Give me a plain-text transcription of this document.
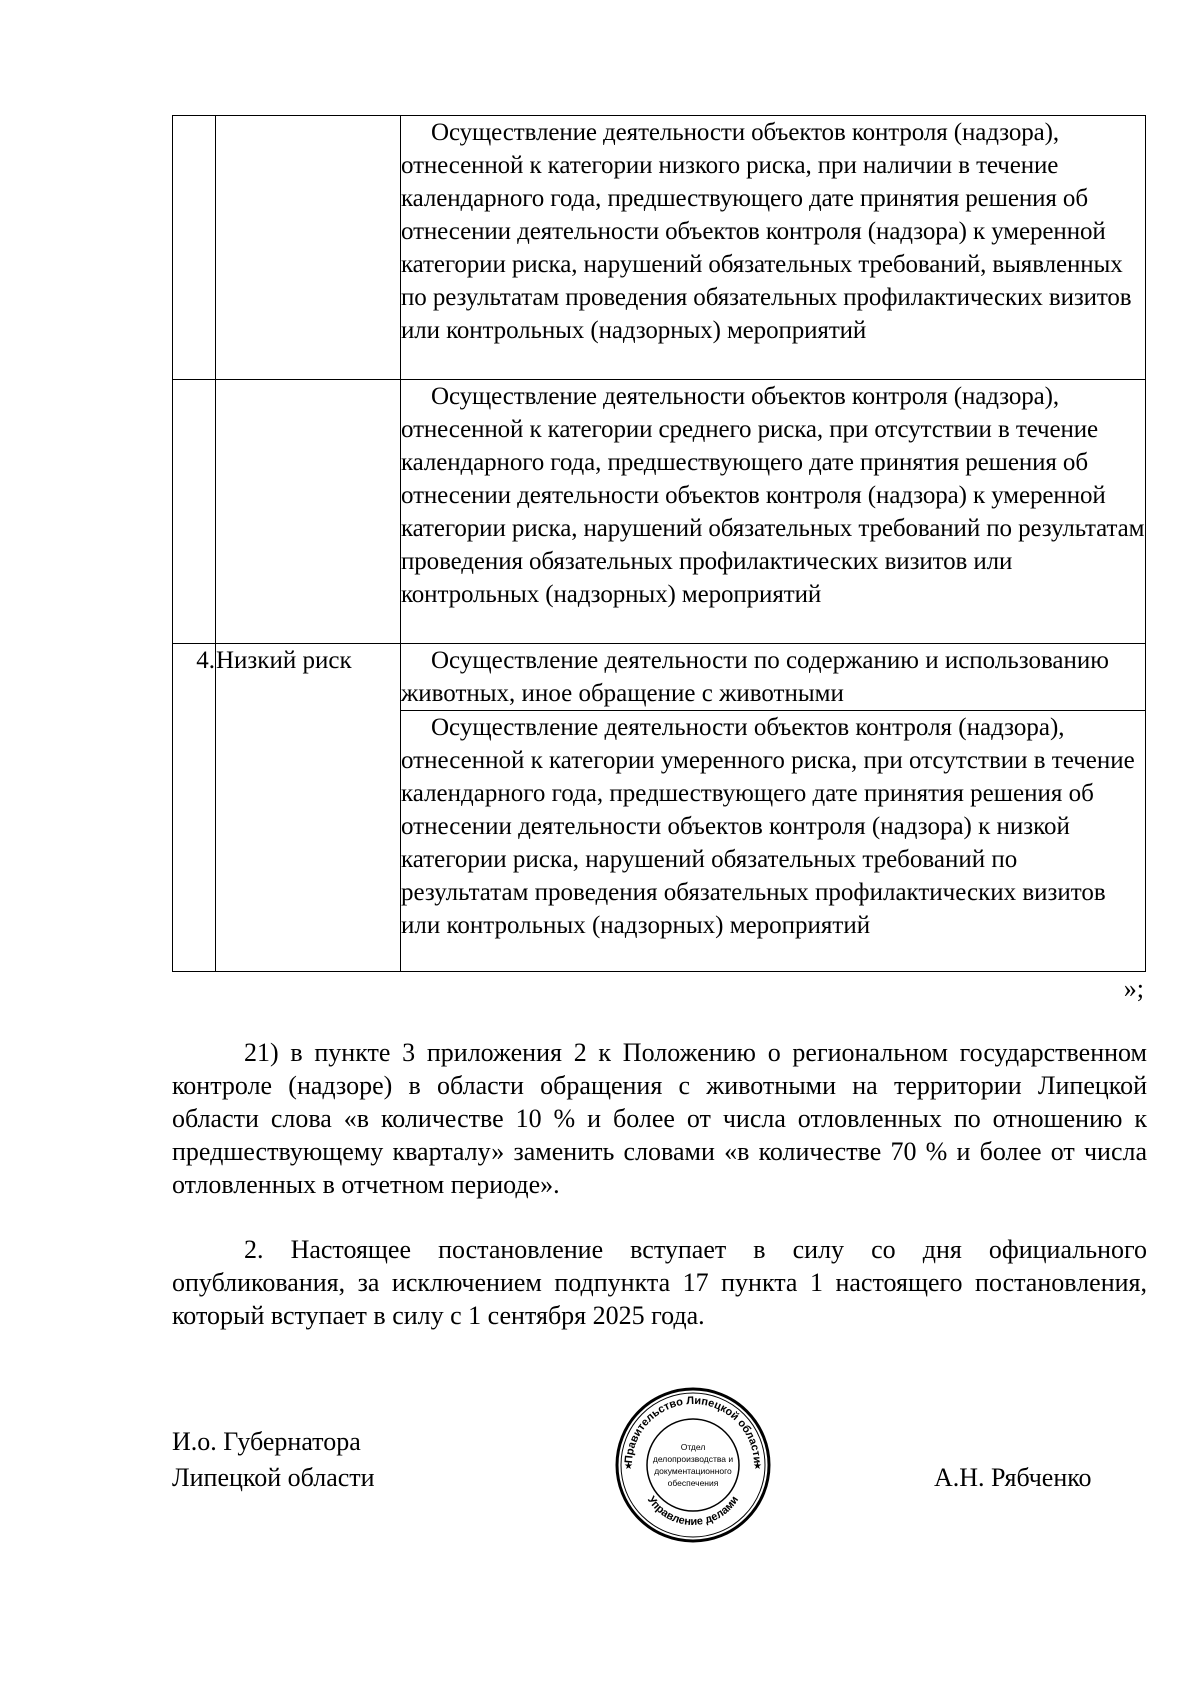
		Осуществление деятельности объектов контроля (надзора), отнесенной к категории низкого риска, при наличии в течение календарного года, предшествующего дате принятия решения об отнесении деятельности объектов контроля (надзора) к умеренной категории риска, нарушений обязательных требований, выявленных по результатам проведения обязательных профилактических визитов или контрольных (надзорных) мероприятий

		Осуществление деятельности объектов контроля (надзора), отнесенной к категории среднего риска, при отсутствии в течение календарного года, предшествующего дате принятия решения об отнесении деятельности объектов контроля (надзора) к умеренной категории риска, нарушений обязательных требований по результатам проведения обязательных профилактических визитов или контрольных (надзорных) мероприятий

4.	Низкий риск	Осуществление деятельности по содержанию и использованию животных, иное обращение с животными

		Осуществление деятельности объектов контроля (надзора), отнесенной к категории умеренного риска, при отсутствии в течение календарного года, предшествующего дате принятия решения об отнесении деятельности объектов контроля (надзора) к низкой категории риска, нарушений обязательных требований по результатам проведения обязательных профилактических визитов или контрольных (надзорных) мероприятий
»;

21) в пункте 3 приложения 2 к Положению о региональном государственном контроле (надзоре) в области обращения с животными на территории Липецкой области слова «в количестве 10 % и более от числа отловленных по отношению к предшествующему кварталу» заменить словами «в количестве 70 % и более от числа отловленных в отчетном периоде».

2. Настоящее постановление вступает в силу со дня официального опубликования, за исключением подпункта 17 пункта 1 настоящего постановления, который вступает в силу с 1 сентября 2025 года.

И.о. Губернатора
Липецкой области
Правительство Липецкой области
Управление делами
★	★
Отдел
делопроизводства и
документационного
обеспечения	А.Н. Рябченко
